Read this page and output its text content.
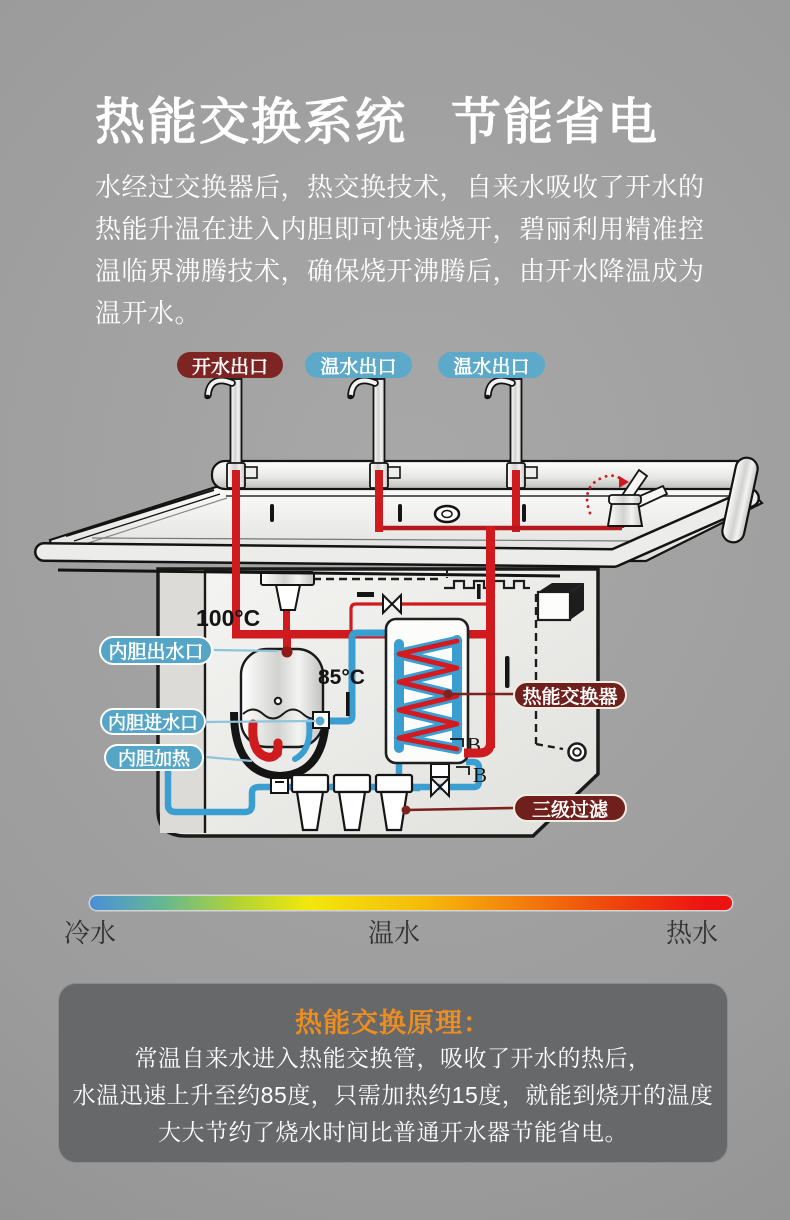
热能交换系统 节能省电
水经过交换器后，热交换技术，自来水吸收了开水的
热能升温在进入内胆即可快速烧开，碧丽利用精准控
温临界沸腾技术，确保烧开沸腾后，由开水降温成为
温开水。
B
B
100°C
85°C
开水出口	温水出口	温水出口
内胆出水口
内胆进水口
内胆加热
热能交换器
三级过滤
冷水	温水	热水
热能交换原理：
常温自来水进入热能交换管，吸收了开水的热后，
水温迅速上升至约85度，只需加热约15度，就能到烧开的温度
大大节约了烧水时间比普通开水器节能省电。
